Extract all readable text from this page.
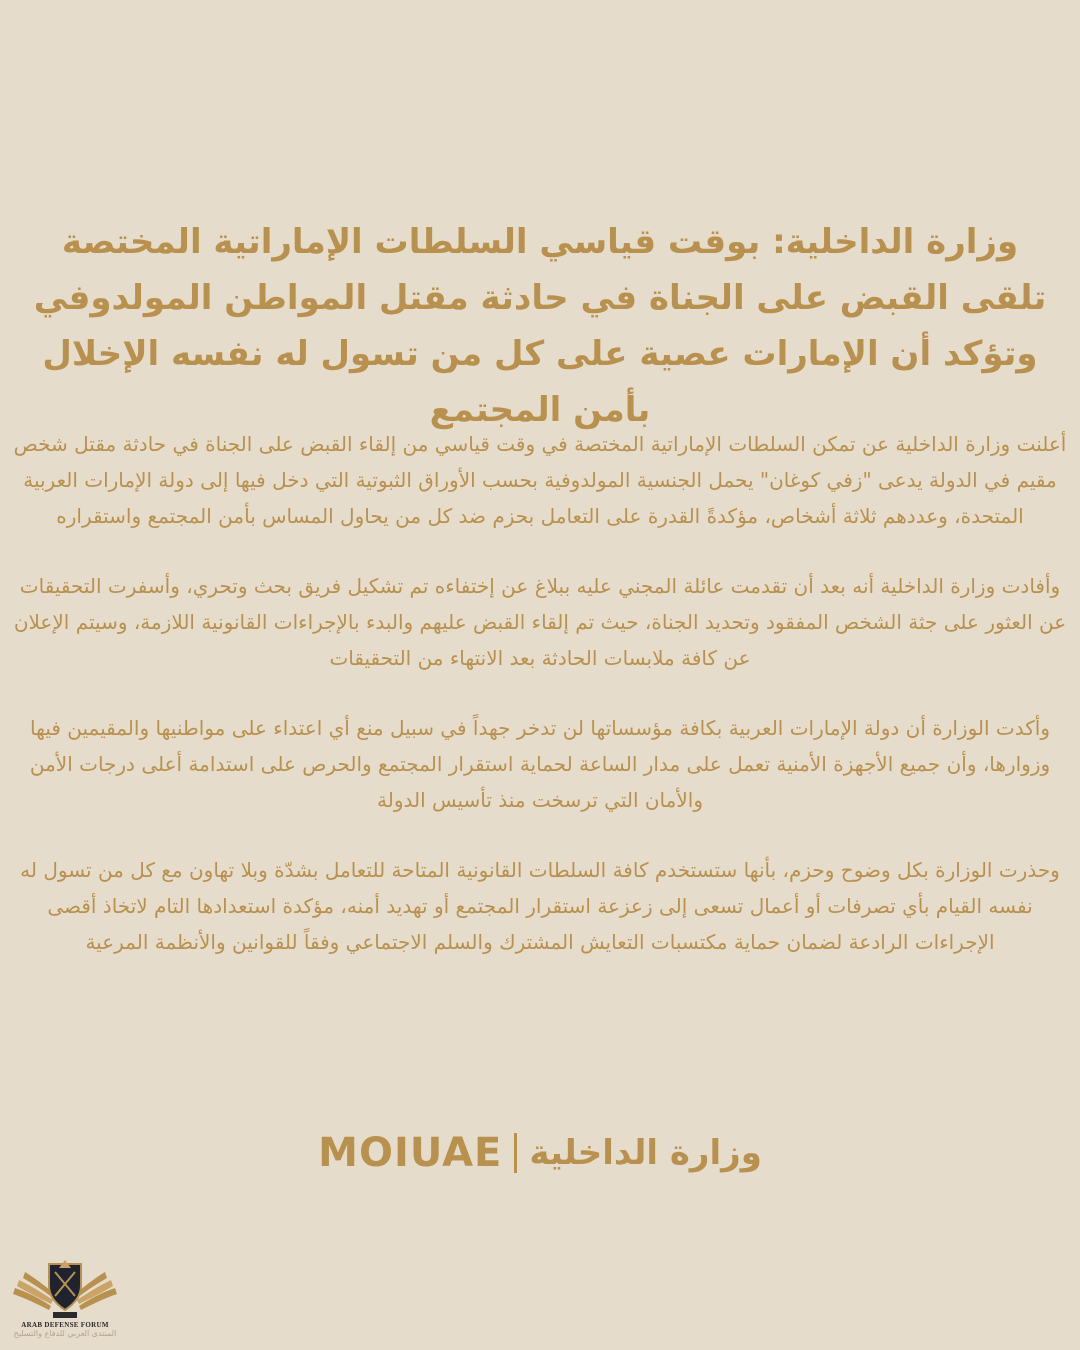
وزارة الداخلية: بوقت قياسي السلطات الإماراتية المختصة تلقى القبض على الجناة في حادثة مقتل المواطن المولدوفي وتؤكد أن الإمارات عصية على كل من تسول له نفسه الإخلال بأمن المجتمع

أعلنت وزارة الداخلية عن تمكن السلطات الإماراتية المختصة في وقت قياسي من إلقاء القبض على الجناة في حادثة مقتل شخص مقيم في الدولة يدعى "زفي كوغان" يحمل الجنسية المولدوفية بحسب الأوراق الثبوتية التي دخل فيها إلى دولة الإمارات العربية المتحدة، وعددهم ثلاثة أشخاص، مؤكدةً القدرة على التعامل بحزم ضد كل من يحاول المساس بأمن المجتمع واستقراره

وأفادت وزارة الداخلية أنه بعد أن تقدمت عائلة المجني عليه ببلاغ عن إختفاءه تم تشكيل فريق بحث وتحري، وأسفرت التحقيقات عن العثور على جثة الشخص المفقود وتحديد الجناة، حيث تم إلقاء القبض عليهم والبدء بالإجراءات القانونية اللازمة، وسيتم الإعلان عن كافة ملابسات الحادثة بعد الانتهاء من التحقيقات

وأكدت الوزارة أن دولة الإمارات العربية بكافة مؤسساتها لن تدخر جهداً في سبيل منع أي اعتداء على مواطنيها والمقيمين فيها وزوارها، وأن جميع الأجهزة الأمنية تعمل على مدار الساعة لحماية استقرار المجتمع والحرص على استدامة أعلى درجات الأمن والأمان التي ترسخت منذ تأسيس الدولة

وحذرت الوزارة بكل وضوح وحزم، بأنها ستستخدم كافة السلطات القانونية المتاحة للتعامل بشدّة وبلا تهاون مع كل من تسول له نفسه القيام بأي تصرفات أو أعمال تسعى إلى زعزعة استقرار المجتمع أو تهديد أمنه، مؤكدة استعدادها التام لاتخاذ أقصى الإجراءات الرادعة لضمان حماية مكتسبات التعايش المشترك والسلم الاجتماعي وفقاً للقوانين والأنظمة المرعية

MOIUAE وزارة الداخلية
ARAB DEFENSE FORUM
المنتدى العربي للدفاع والتسليح
